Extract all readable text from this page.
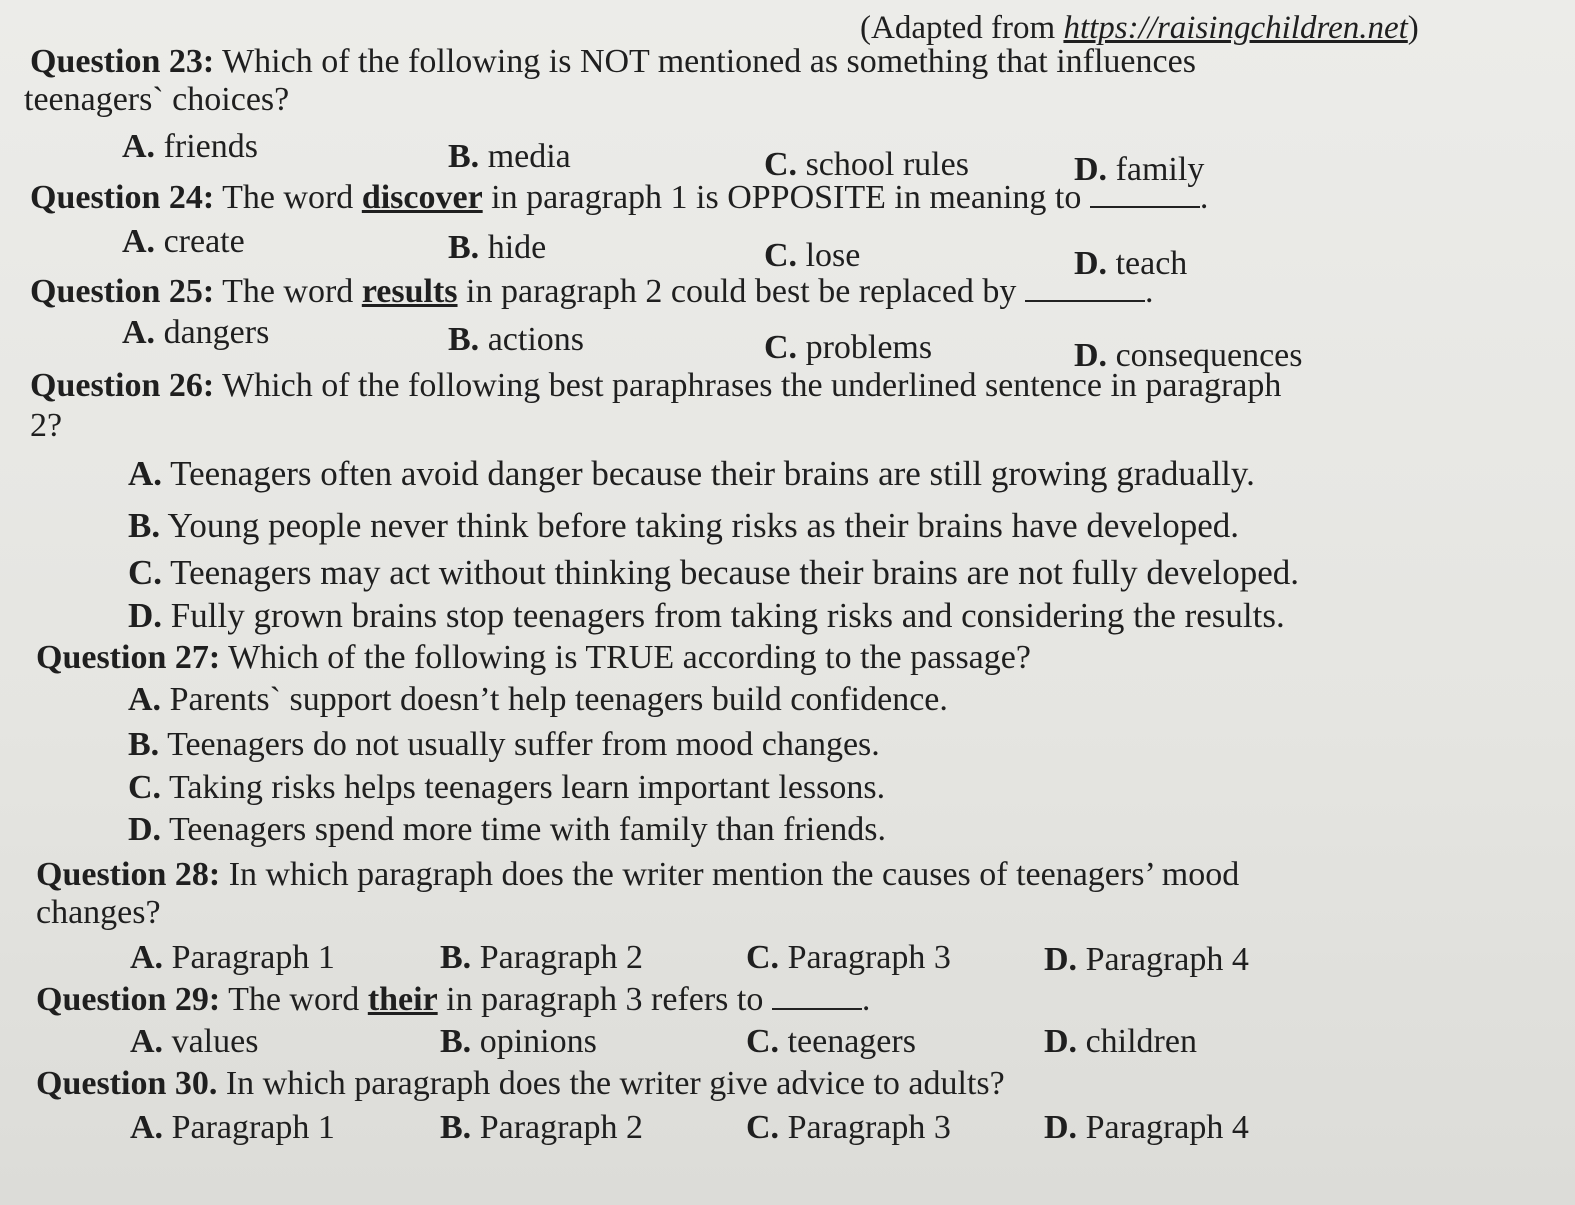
(Adapted from https://raisingchildren.net)
Question 23: Which of the following is NOT mentioned as something that influences
teenagers` choices?
A. friends	B. media	C. school rules	D. family
Question 24: The word discover in paragraph 1 is OPPOSITE in meaning to	.
A. create	B. hide	C. lose	D. teach
Question 25: The word results in paragraph 2 could best be replaced by	.
A. dangers	B. actions	C. problems	D. consequences
Question 26: Which of the following best paraphrases the underlined sentence in paragraph
2?
A. Teenagers often avoid danger because their brains are still growing gradually.
B. Young people never think before taking risks as their brains have developed.
C. Teenagers may act without thinking because their brains are not fully developed.
D. Fully grown brains stop teenagers from taking risks and considering the results.
Question 27: Which of the following is TRUE according to the passage?
A. Parents` support doesn’t help teenagers build confidence.
B. Teenagers do not usually suffer from mood changes.
C. Taking risks helps teenagers learn important lessons.
D. Teenagers spend more time with family than friends.
Question 28: In which paragraph does the writer mention the causes of teenagers’ mood
changes?
A. Paragraph 1	B. Paragraph 2	C. Paragraph 3	D. Paragraph 4
Question 29: The word their in paragraph 3 refers to	.
A. values	B. opinions	C. teenagers	D. children
Question 30. In which paragraph does the writer give advice to adults?
A. Paragraph 1	B. Paragraph 2	C. Paragraph 3	D. Paragraph 4
